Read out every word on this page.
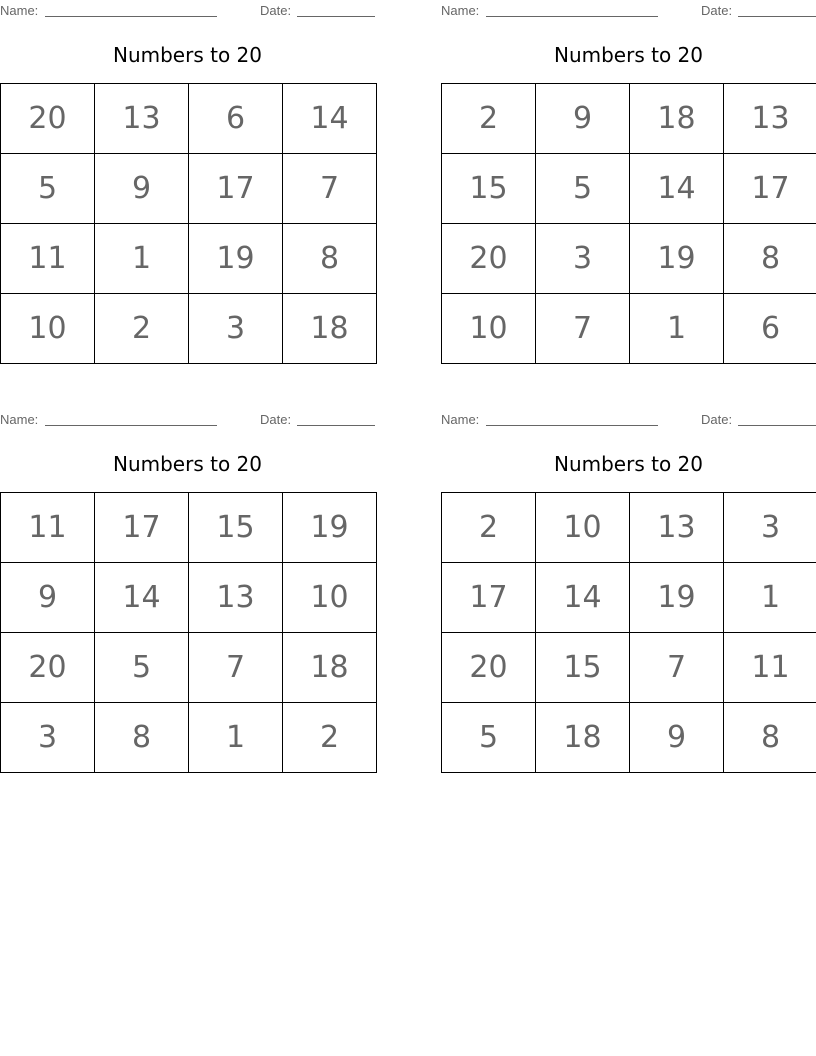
Name:	Date:
Numbers to 20
20	13	6	14
5	9	17	7
11	1	19	8
10	2	3	18
Name:	Date:
Numbers to 20
2	9	18	13
15	5	14	17
20	3	19	8
10	7	1	6
Name:	Date:
Numbers to 20
11	17	15	19
9	14	13	10
20	5	7	18
3	8	1	2
Name:	Date:
Numbers to 20
2	10	13	3
17	14	19	1
20	15	7	11
5	18	9	8
